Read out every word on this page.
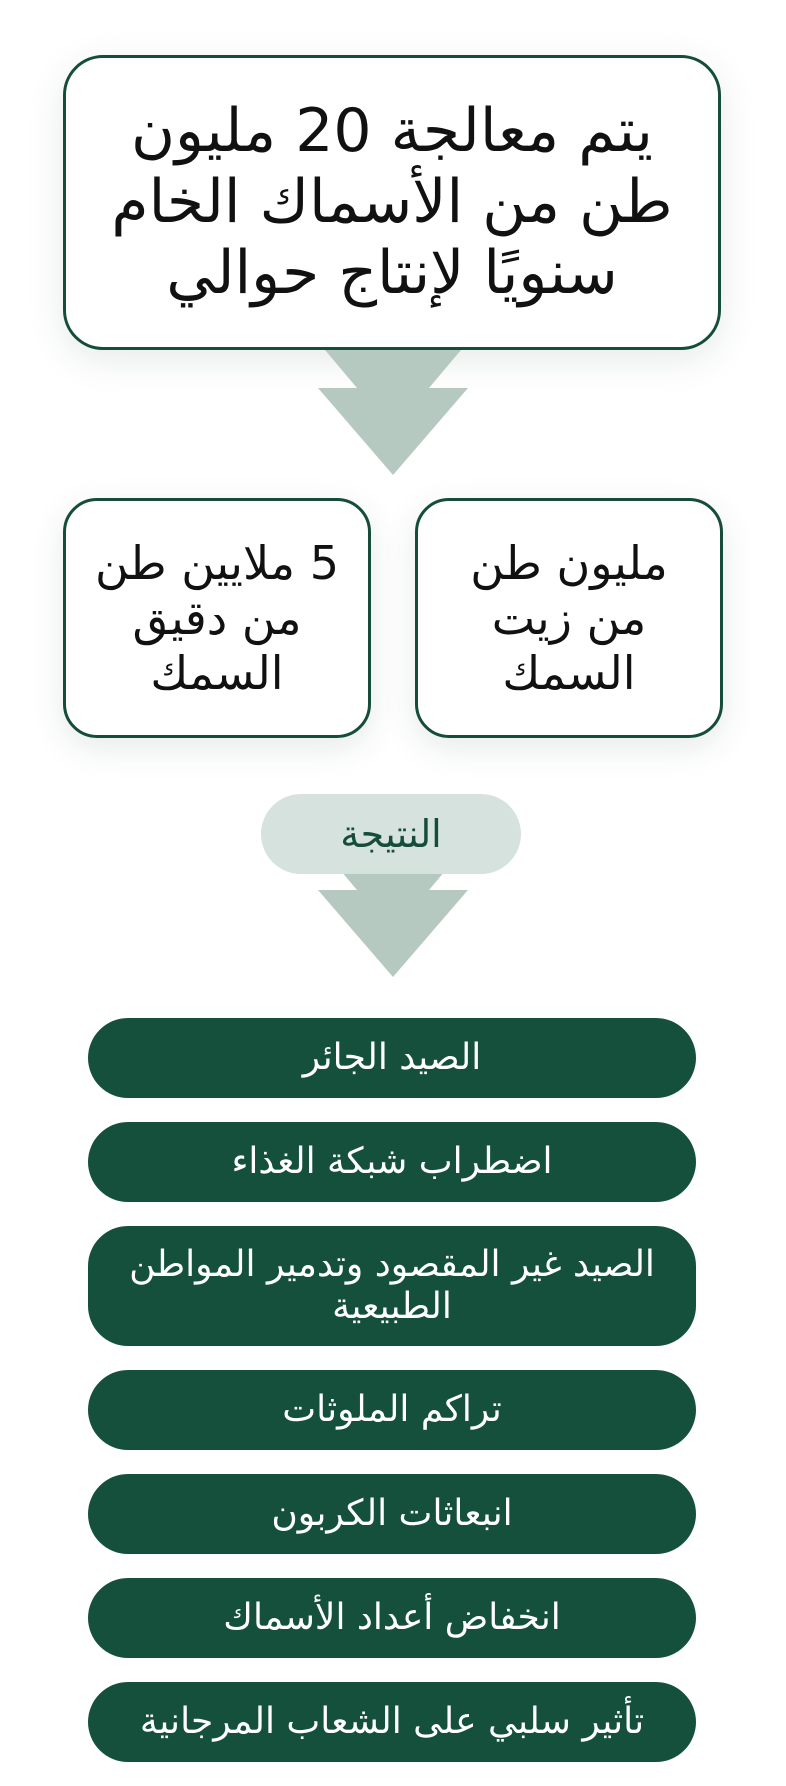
يتم معالجة 20 مليون طن من الأسماك الخام سنويًا لإنتاج حوالي
مليون طن من زيت السمك
5 ملايين طن من دقيق السمك
النتيجة
الصيد الجائر
اضطراب شبكة الغذاء
الصيد غير المقصود وتدمير المواطن الطبيعية
تراكم الملوثات
انبعاثات الكربون
انخفاض أعداد الأسماك
تأثير سلبي على الشعاب المرجانية
